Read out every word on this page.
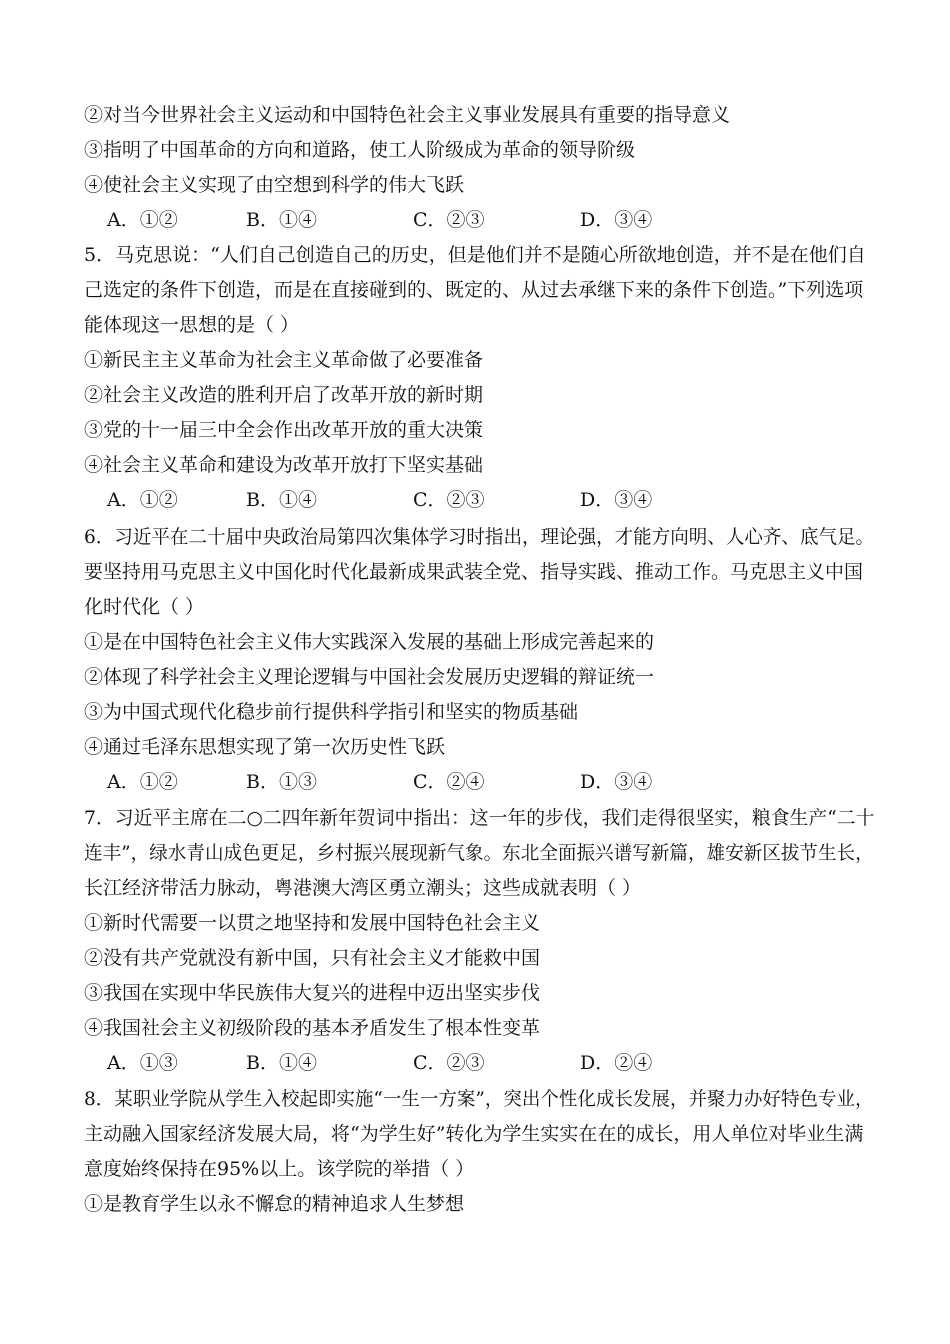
②对当今世界社会主义运动和中国特色社会主义事业发展具有重要的指导意义
③指明了中国革命的方向和道路，使工人阶级成为革命的领导阶级
④使社会主义实现了由空想到科学的伟大飞跃
A．①②	B．①④	C．②③	D．③④
5．马克思说：“人们自己创造自己的历史，但是他们并不是随心所欲地创造，并不是在他们自
己选定的条件下创造，而是在直接碰到的、既定的、从过去承继下来的条件下创造。”下列选项
能体现这一思想的是（ ）
①新民主主义革命为社会主义革命做了必要准备
②社会主义改造的胜利开启了改革开放的新时期
③党的十一届三中全会作出改革开放的重大决策
④社会主义革命和建设为改革开放打下坚实基础
A．①②	B．①④	C．②③	D．③④
6．习近平在二十届中央政治局第四次集体学习时指出，理论强，才能方向明、人心齐、底气足。
要坚持用马克思主义中国化时代化最新成果武装全党、指导实践、推动工作。马克思主义中国
化时代化（ ）
①是在中国特色社会主义伟大实践深入发展的基础上形成完善起来的
②体现了科学社会主义理论逻辑与中国社会发展历史逻辑的辩证统一
③为中国式现代化稳步前行提供科学指引和坚实的物质基础
④通过毛泽东思想实现了第一次历史性飞跃
A．①②	B．①③	C．②④	D．③④
7．习近平主席在二○二四年新年贺词中指出：这一年的步伐，我们走得很坚实，粮食生产“二十
连丰”，绿水青山成色更足，乡村振兴展现新气象。东北全面振兴谱写新篇，雄安新区拔节生长，
长江经济带活力脉动，粤港澳大湾区勇立潮头；这些成就表明（ ）
①新时代需要一以贯之地坚持和发展中国特色社会主义
②没有共产党就没有新中国，只有社会主义才能救中国
③我国在实现中华民族伟大复兴的进程中迈出坚实步伐
④我国社会主义初级阶段的基本矛盾发生了根本性变革
A．①③	B．①④	C．②③	D．②④
8．某职业学院从学生入校起即实施“一生一方案”，突出个性化成长发展，并聚力办好特色专业，
主动融入国家经济发展大局，将“为学生好”转化为学生实实在在的成长，用人单位对毕业生满
意度始终保持在95%以上。该学院的举措（ ）
①是教育学生以永不懈怠的精神追求人生梦想
